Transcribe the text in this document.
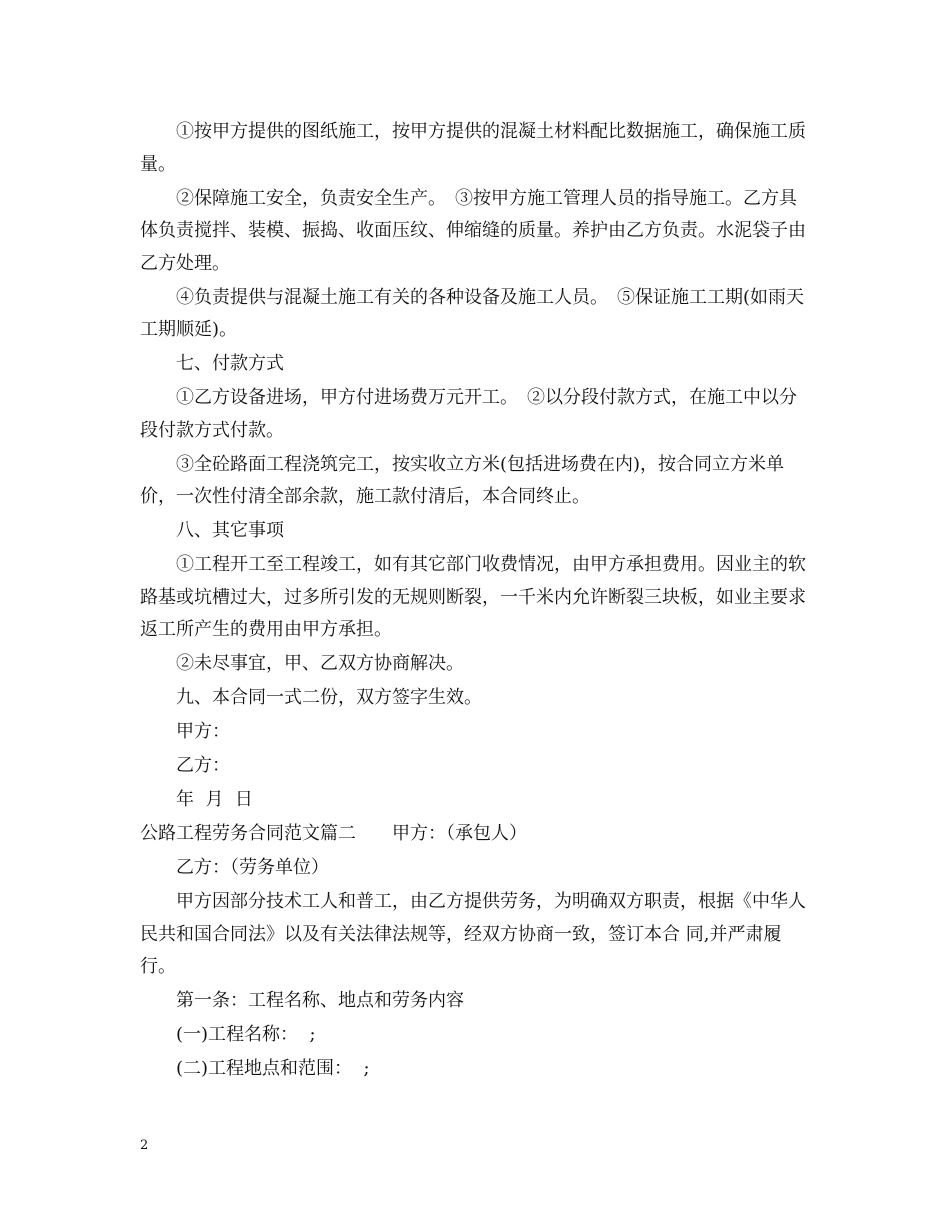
①按甲方提供的图纸施工，按甲方提供的混凝土材料配比数据施工，确保施工质量。

②保障施工安全，负责安全生产。　③按甲方施工管理人员的指导施工。乙方具体负责搅拌、装模、振捣、收面压纹、伸缩缝的质量。养护由乙方负责。水泥袋子由乙方处理。

④负责提供与混凝土施工有关的各种设备及施工人员。　⑤保证施工工期(如雨天工期顺延)。

七、付款方式

①乙方设备进场，甲方付进场费万元开工。　②以分段付款方式，在施工中以分段付款方式付款。

③全砼路面工程浇筑完工，按实收立方米(包括进场费在内)，按合同立方米单价，一次性付清全部余款，施工款付清后，本合同终止。

八、其它事项

①工程开工至工程竣工，如有其它部门收费情况，由甲方承担费用。因业主的软路基或坑槽过大，过多所引发的无规则断裂，一千米内允许断裂三块板，如业主要求返工所产生的费用由甲方承担。

②未尽事宜，甲、乙双方协商解决。

九、本合同一式二份，双方签字生效。

甲方：

乙方：

年  月  日

公路工程劳务合同范文篇二　　甲方：（承包人）

乙方：（劳务单位）

甲方因部分技术工人和普工，由乙方提供劳务，为明确双方职责，根据《中华人民共和国合同法》以及有关法律法规等，经双方协商一致，签订本合 同,并严肃履行。

第一条：工程名称、地点和劳务内容

(一)工程名称：  ;

(二)工程地点和范围：  ;

2
